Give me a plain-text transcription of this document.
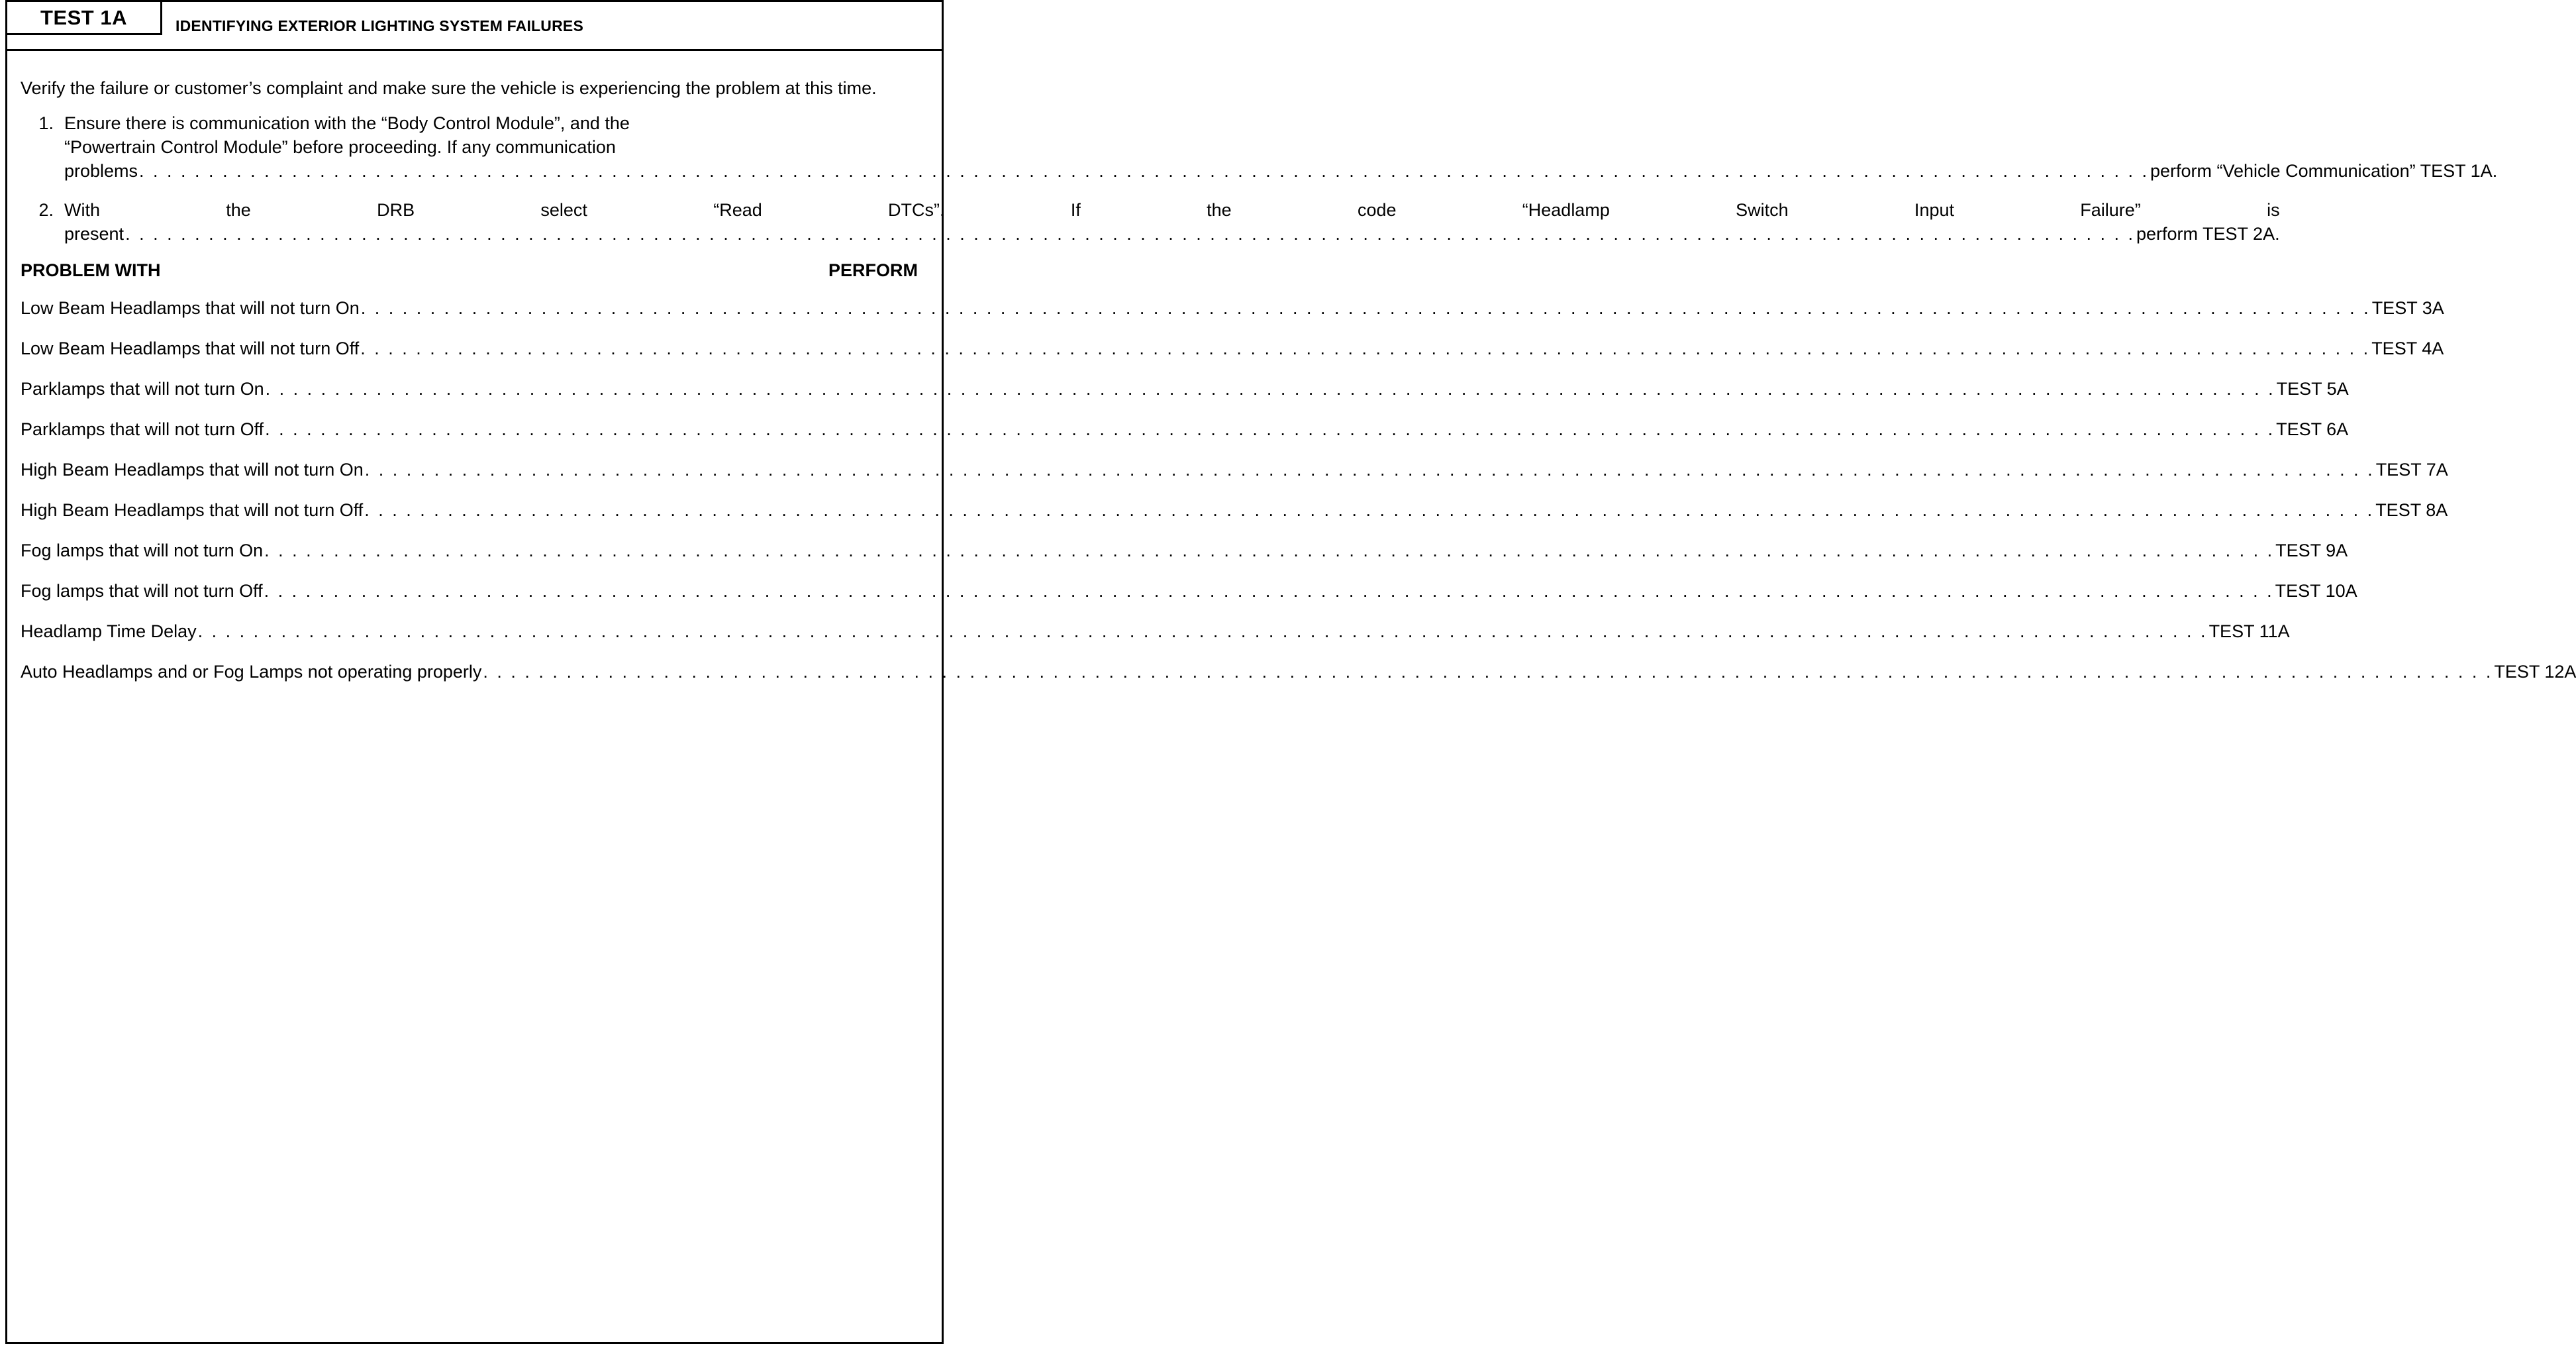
TEST 1A	IDENTIFYING EXTERIOR LIGHTING SYSTEM FAILURES

Verify the failure or customer’s complaint and make sure the vehicle is experiencing the problem at this time.

1. Ensure there is communication with the “Body Control Module”, and the
“Powertrain Control Module” before proceeding. If any communication
problems . . .	perform “Vehicle Communication” TEST 1A.
2. With the DRB select “Read DTCs”. If the code “Headlamp Switch Input Failure” is
present . . .	perform TEST 2A.
PROBLEM WITH	PERFORM
Low Beam Headlamps that will not turn On . . .	TEST 3A
Low Beam Headlamps that will not turn Off . . .	TEST 4A
Parklamps that will not turn On . . .	TEST 5A
Parklamps that will not turn Off . . .	TEST 6A
High Beam Headlamps that will not turn On . . .	TEST 7A
High Beam Headlamps that will not turn Off . . .	TEST 8A
Fog lamps that will not turn On . . .	TEST 9A
Fog lamps that will not turn Off . . .	TEST 10A
Headlamp Time Delay . . .	TEST 11A
Auto Headlamps and or Fog Lamps not operating properly . . .	TEST 12A
